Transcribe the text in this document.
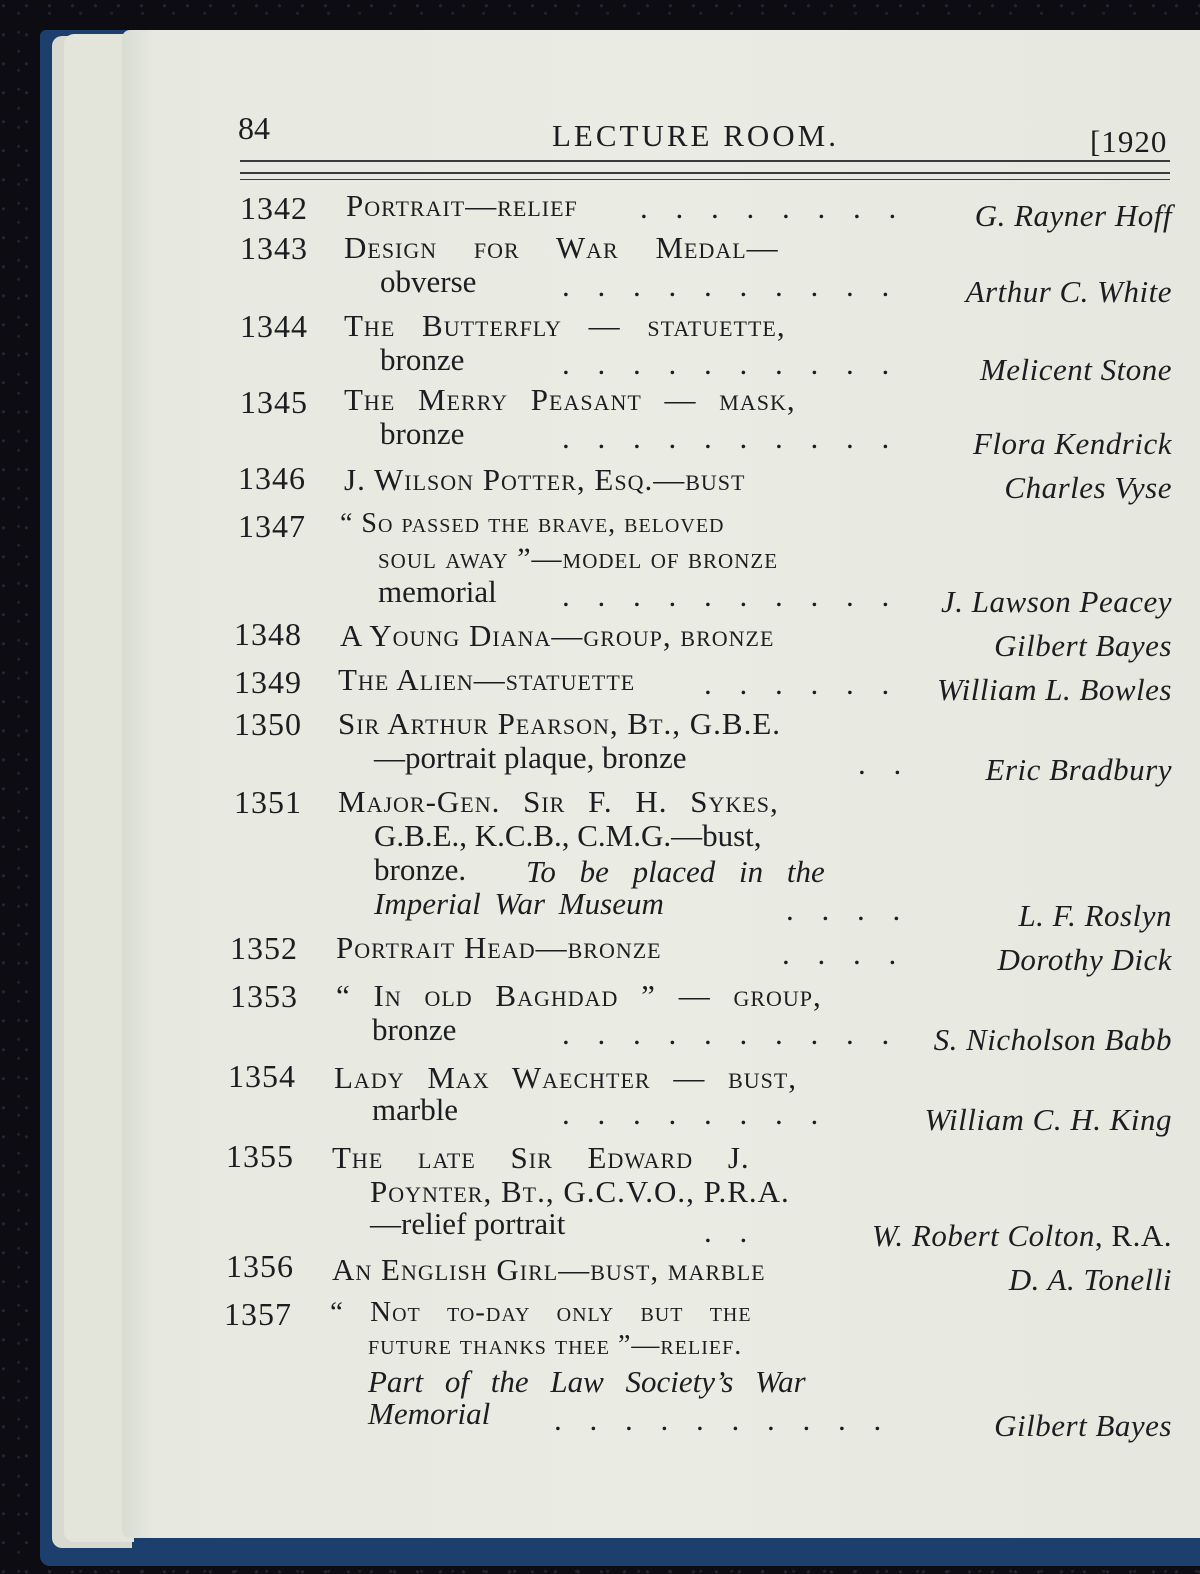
84	LECTURE ROOM.	[1920
1342 Portrait—relief . . . . . . . . G. Rayner Hoff
1343 Design for War Medal—
obverse	. . . . . . . . . . Arthur C. White
1344 The Butterfly — statuette,
bronze	. . . . . . . . . .	Melicent Stone
1345 The Merry Peasant — mask,
bronze	. . . . . . . . . . Flora Kendrick
1346 J. Wilson Potter, Esq.—bust	Charles Vyse
1347 “ So passed the brave, beloved
soul away ”—model of bronze
memorial . . . . . . . . . . J. Lawson Peacey
1348 A Young Diana—group, bronze	Gilbert Bayes
1349 The Alien—statuette . . . . . . William L. Bowles
1350 Sir Arthur Pearson, Bt., G.B.E.
—portrait plaque, bronze	. . Eric Bradbury
1351 Major-Gen. Sir F. H. Sykes,
G.B.E., K.C.B., C.M.G.—bust,
bronze. To be placed in the
Imperial War Museum	. . . .	L. F. Roslyn
1352 Portrait Head—bronze	. . . .	Dorothy Dick
1353 “ In old Baghdad ” — group,
bronze	. . . . . . . . . . S. Nicholson Babb
1354 Lady Max Waechter — bust,
marble	. . . . . . . .	William C. H. King
1355 The late Sir Edward J.
Poynter, Bt., G.C.V.O., P.R.A.
—relief portrait	. .	W. Robert Colton, R.A.
1356 An English Girl—bust, marble	D. A. Tonelli
1357 “ Not to-day only but the
future thanks thee ”—relief.
Part of the Law Society’s War
Memorial . . . . . . . . . .	Gilbert Bayes
